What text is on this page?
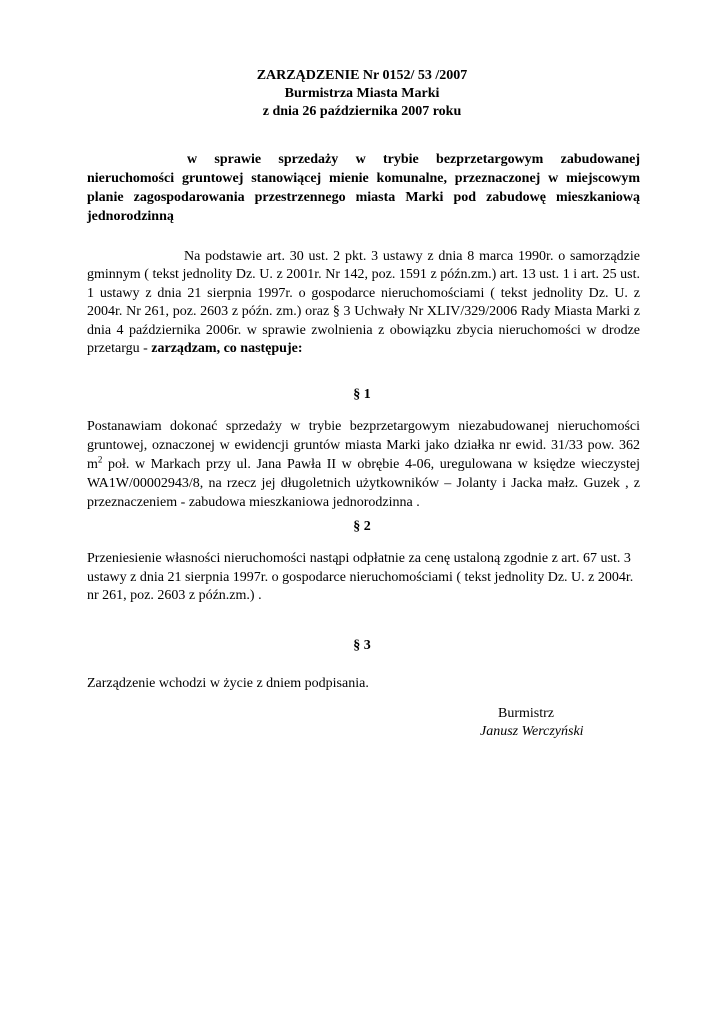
ZARZĄDZENIE Nr 0152/ 53 /2007
Burmistrza Miasta Marki
z dnia 26 października 2007 roku
w sprawie sprzedaży w trybie bezprzetargowym zabudowanej nieruchomości gruntowej stanowiącej mienie komunalne, przeznaczonej w miejscowym planie zagospodarowania przestrzennego miasta Marki pod zabudowę mieszkaniową jednorodzinną
Na podstawie art. 30 ust. 2 pkt. 3 ustawy z dnia 8 marca 1990r. o samorządzie gminnym ( tekst jednolity Dz. U. z 2001r. Nr 142, poz. 1591 z późn.zm.) art. 13 ust. 1 i art. 25 ust. 1 ustawy z dnia 21 sierpnia 1997r. o gospodarce nieruchomościami ( tekst jednolity Dz. U. z 2004r. Nr 261, poz. 2603 z późn. zm.) oraz § 3 Uchwały Nr XLIV/329/2006 Rady Miasta Marki z dnia 4 października 2006r. w sprawie zwolnienia z obowiązku zbycia nieruchomości w drodze przetargu - zarządzam, co następuje:
§ 1
Postanawiam dokonać sprzedaży w trybie bezprzetargowym niezabudowanej nieruchomości gruntowej, oznaczonej w ewidencji gruntów miasta Marki jako działka nr ewid. 31/33 pow. 362 $m^2$ poł. w Markach przy ul. Jana Pawła II w obrębie 4-06, uregulowana w księdze wieczystej WA1W/00002943/8, na rzecz jej długoletnich użytkowników – Jolanty i Jacka małz. Guzek , z przeznaczeniem - zabudowa mieszkaniowa jednorodzinna .
§ 2
Przeniesienie własności nieruchomości nastąpi odpłatnie za cenę ustaloną zgodnie z art. 67 ust. 3 ustawy z dnia 21 sierpnia 1997r. o gospodarce nieruchomościami ( tekst jednolity Dz. U. z 2004r. nr 261, poz. 2603 z późn.zm.) .
§ 3
Zarządzenie wchodzi w życie z dniem podpisania.
Burmistrz
Janusz Werczyński
